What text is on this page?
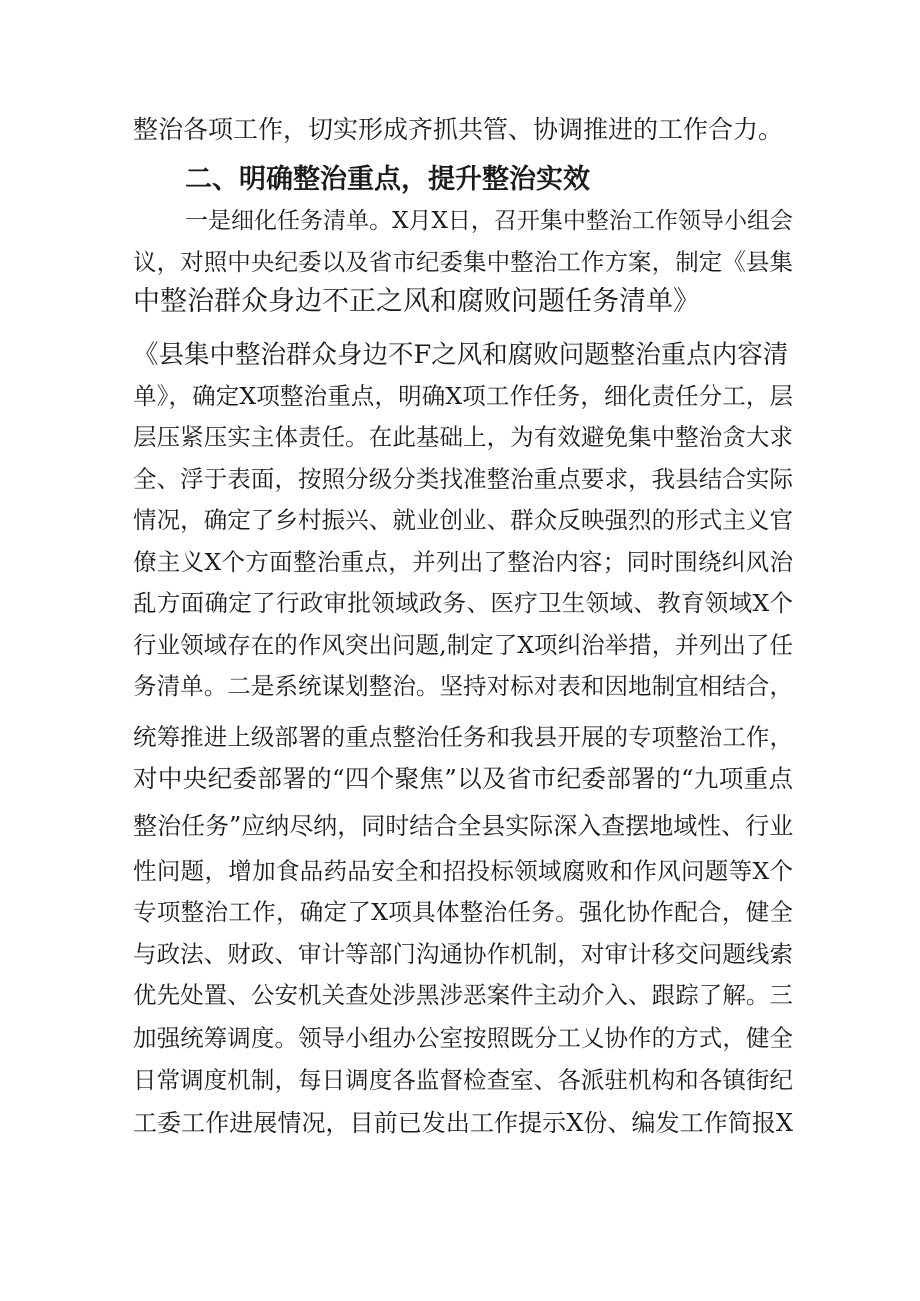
整治各项工作，切实形成齐抓共管、协调推进的工作合力。
二、明确整治重点，提升整治实效
一是细化任务清单。X月X日，召开集中整治工作领导小组会
议，对照中央纪委以及省市纪委集中整治工作方案，制定《县集
中整治群众身边不正之风和腐败问题任务清单》
《县集中整治群众身边不F之风和腐败问题整治重点内容清
单》，确定X项整治重点，明确X项工作任务，细化责任分工，层
层压紧压实主体责任。在此基础上，为有效避免集中整治贪大求
全、浮于表面，按照分级分类找准整治重点要求，我县结合实际
情况，确定了乡村振兴、就业创业、群众反映强烈的形式主义官
僚主义X个方面整治重点，并列出了整治内容；同时围绕纠风治
乱方面确定了行政审批领域政务、医疗卫生领域、教育领域X个
行业领域存在的作风突出问题,制定了X项纠治举措，并列出了任
务清单。二是系统谋划整治。坚持对标对表和因地制宜相结合，
统筹推进上级部署的重点整治任务和我县开展的专项整治工作，
对中央纪委部署的“四个聚焦”以及省市纪委部署的“九项重点
整治任务”应纳尽纳，同时结合全县实际深入查摆地域性、行业
性问题，增加食品药品安全和招投标领域腐败和作风问题等X个
专项整治工作，确定了X项具体整治任务。强化协作配合，健全
与政法、财政、审计等部门沟通协作机制，对审计移交问题线索
优先处置、公安机关查处涉黑涉恶案件主动介入、跟踪了解。三
加强统筹调度。领导小组办公室按照既分工乂协作的方式，健全
日常调度机制，每日调度各监督检查室、各派驻机构和各镇街纪
工委工作进展情况，目前已发出工作提示X份、编发工作简报X
